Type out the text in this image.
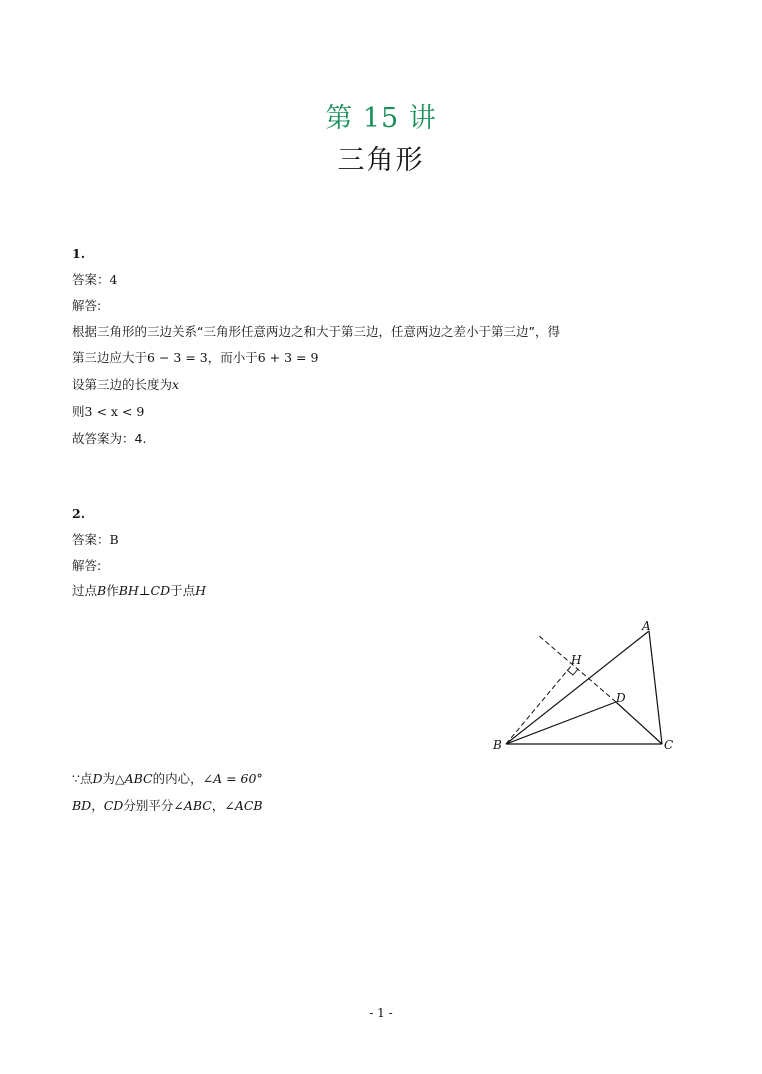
第 15 讲
三角形
1.
答案：4
解答:
根据三角形的三边关系“三角形任意两边之和大于第三边，任意两边之差小于第三边”，得
第三边应大于6 − 3 = 3，而小于6 + 3 = 9
设第三边的长度为x
则3 < x < 9
故答案为：4.
2.
答案：B
解答:
过点B作BH⊥CD于点H
A
B	C
D
H
∵点D为△ABC的内心，∠A = 60°
BD，CD分别平分∠ABC，∠ACB
- 1 -
